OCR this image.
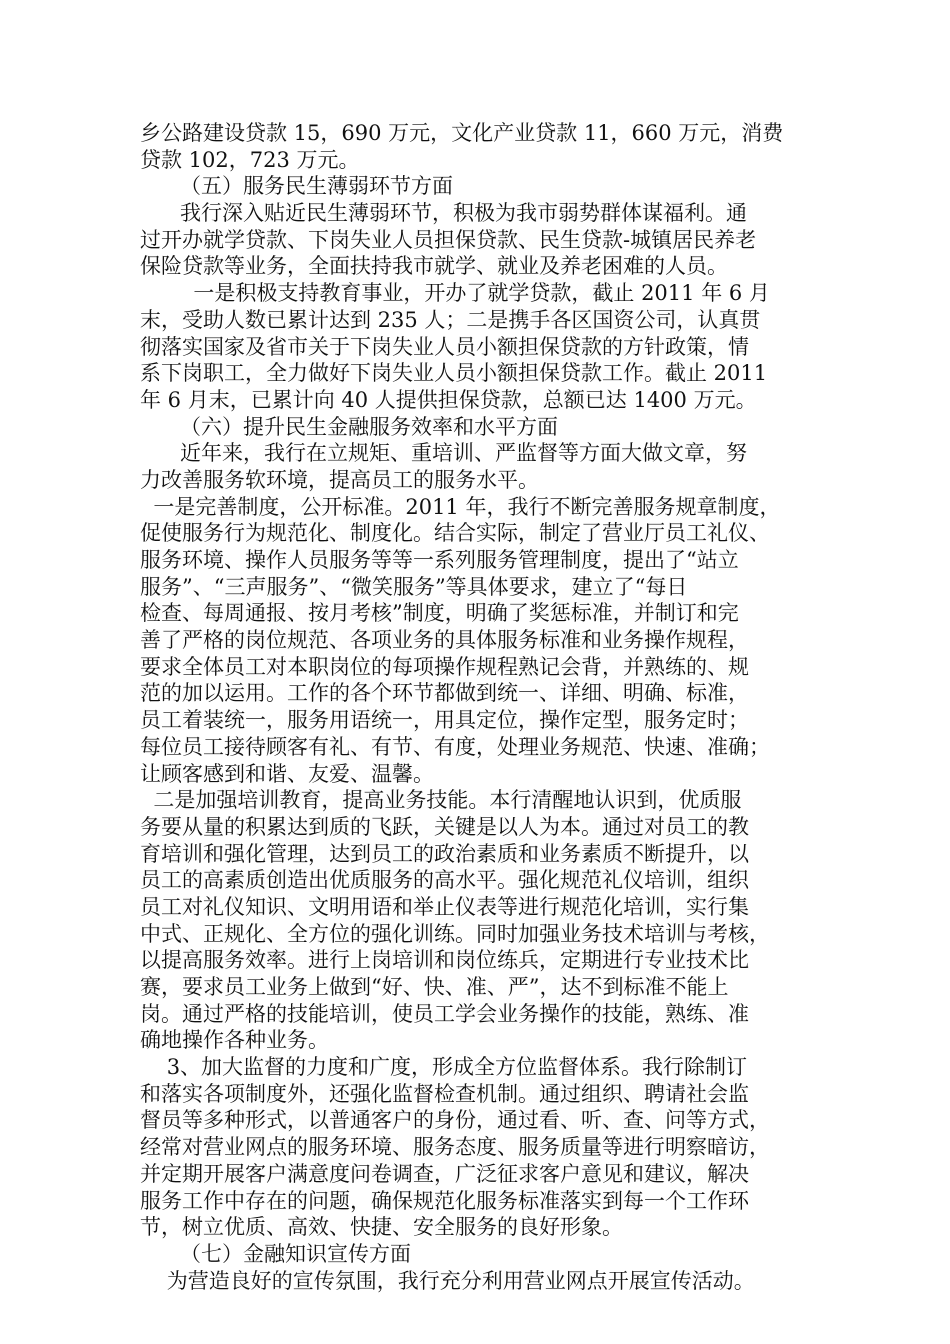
乡公路建设贷款 15，690 万元，文化产业贷款 11，660 万元，消费
贷款 102，723 万元。
（五）服务民生薄弱环节方面
我行深入贴近民生薄弱环节，积极为我市弱势群体谋福利。通
过开办就学贷款、下岗失业人员担保贷款、民生贷款-城镇居民养老
保险贷款等业务，全面扶持我市就学、就业及养老困难的人员。
一是积极支持教育事业，开办了就学贷款，截止 2011 年 6 月
末，受助人数已累计达到 235 人；二是携手各区国资公司，认真贯
彻落实国家及省市关于下岗失业人员小额担保贷款的方针政策，情
系下岗职工，全力做好下岗失业人员小额担保贷款工作。截止 2011
年 6 月末，已累计向 40 人提供担保贷款，总额已达 1400 万元。
（六）提升民生金融服务效率和水平方面
近年来，我行在立规矩、重培训、严监督等方面大做文章，努
力改善服务软环境，提高员工的服务水平。
一是完善制度，公开标准。2011 年，我行不断完善服务规章制度，
促使服务行为规范化、制度化。结合实际，制定了营业厅员工礼仪、
服务环境、操作人员服务等等一系列服务管理制度，提出了“站立
服务”、“三声服务”、“微笑服务”等具体要求，建立了“每日
检查、每周通报、按月考核”制度，明确了奖惩标准，并制订和完
善了严格的岗位规范、各项业务的具体服务标准和业务操作规程，
要求全体员工对本职岗位的每项操作规程熟记会背，并熟练的、规
范的加以运用。工作的各个环节都做到统一、详细、明确、标准，
员工着装统一，服务用语统一，用具定位，操作定型，服务定时；
每位员工接待顾客有礼、有节、有度，处理业务规范、快速、准确；
让顾客感到和谐、友爱、温馨。
二是加强培训教育，提高业务技能。本行清醒地认识到，优质服
务要从量的积累达到质的飞跃，关键是以人为本。通过对员工的教
育培训和强化管理，达到员工的政治素质和业务素质不断提升，以
员工的高素质创造出优质服务的高水平。强化规范礼仪培训，组织
员工对礼仪知识、文明用语和举止仪表等进行规范化培训，实行集
中式、正规化、全方位的强化训练。同时加强业务技术培训与考核，
以提高服务效率。进行上岗培训和岗位练兵，定期进行专业技术比
赛，要求员工业务上做到“好、快、准、严”，达不到标准不能上
岗。通过严格的技能培训，使员工学会业务操作的技能，熟练、准
确地操作各种业务。
3、加大监督的力度和广度，形成全方位监督体系。我行除制订
和落实各项制度外，还强化监督检查机制。通过组织、聘请社会监
督员等多种形式，以普通客户的身份，通过看、听、查、问等方式，
经常对营业网点的服务环境、服务态度、服务质量等进行明察暗访，
并定期开展客户满意度问卷调查，广泛征求客户意见和建议，解决
服务工作中存在的问题，确保规范化服务标准落实到每一个工作环
节，树立优质、高效、快捷、安全服务的良好形象。
（七）金融知识宣传方面
为营造良好的宣传氛围，我行充分利用营业网点开展宣传活动。
